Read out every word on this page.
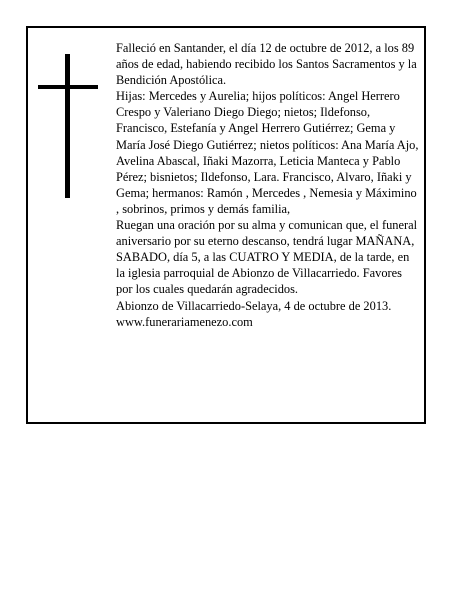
Falleció en Santander, el día 12 de octubre de 2012, a los 89 años de edad, habiendo recibido los Santos Sacramentos y la Bendición Apostólica.

Hijas: Mercedes y Aurelia; hijos políticos: Angel Herrero Crespo y Valeriano Diego Diego; nietos; Ildefonso, Francisco, Estefanía y Angel Herrero Gutiérrez; Gema y María José Diego Gutiérrez; nietos políticos: Ana María Ajo, Avelina Abascal, Iñaki Mazorra, Leticia Manteca y Pablo Pérez; bisnietos; Ildefonso, Lara. Francisco, Alvaro, Iñaki y Gema; hermanos: Ramón , Mercedes , Nemesia y Máximino , sobrinos, primos y demás familia,

Ruegan una oración por su alma y comunican que, el funeral aniversario por su eterno descanso, tendrá lugar MAÑANA, SABADO, día 5, a las CUATRO Y MEDIA, de la tarde, en la iglesia parroquial de Abionzo de Villacarriedo. Favores por los cuales quedarán agradecidos.

Abionzo de Villacarriedo-Selaya, 4 de octubre de 2013.

www.funerariamenezo.com
